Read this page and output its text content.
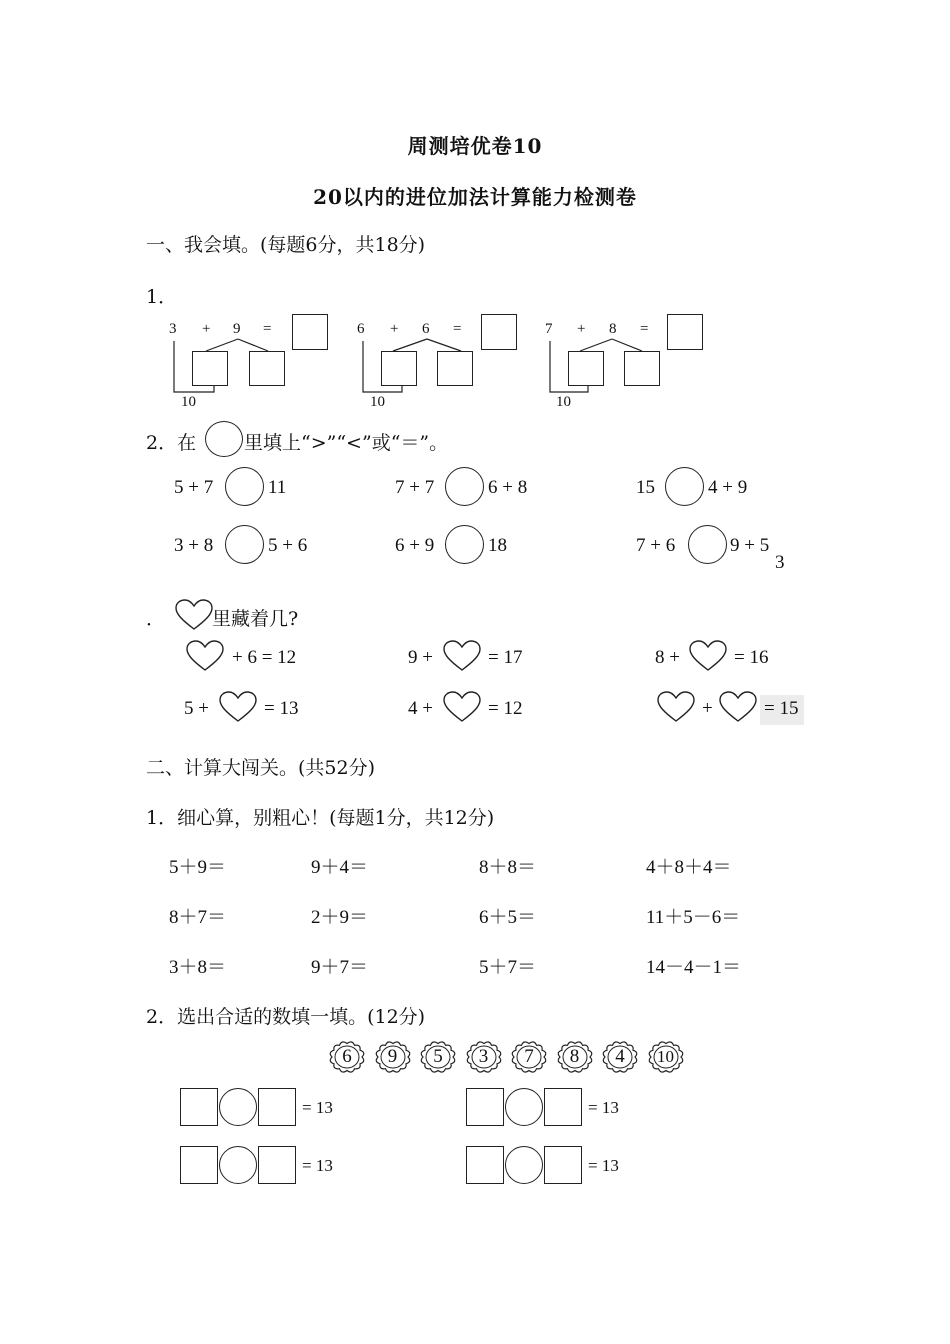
周测培优卷10
20以内的进位加法计算能力检测卷
一、我会填。(每题6分，共18分)
1．
3 + 9 =
10
6 + 6 =
10
7 + 8 =
10
2．在	里填上“>”“<”或“＝”。
5 + 7	11	7 + 7	6 + 8	15	4 + 9
3 + 8	5 + 6	6 + 9	18	7 + 6	9 + 5
3
． 里藏着几?
+ 6 = 12	9 +	= 17	8 +	= 16
5 +	= 13	4 +	= 12	+	= 15
二、计算大闯关。(共52分)
1．细心算，别粗心！(每题1分，共12分)
5＋9＝	9＋4＝	8＋8＝	4＋8＋4＝
8＋7＝	2＋9＝	6＋5＝	11＋5－6＝
3＋8＝	9＋7＝	5＋7＝	14－4－1＝
2．选出合适的数填一填。(12分)
6	9	5	3	7	8	4	10
= 13	= 13
= 13	= 13
